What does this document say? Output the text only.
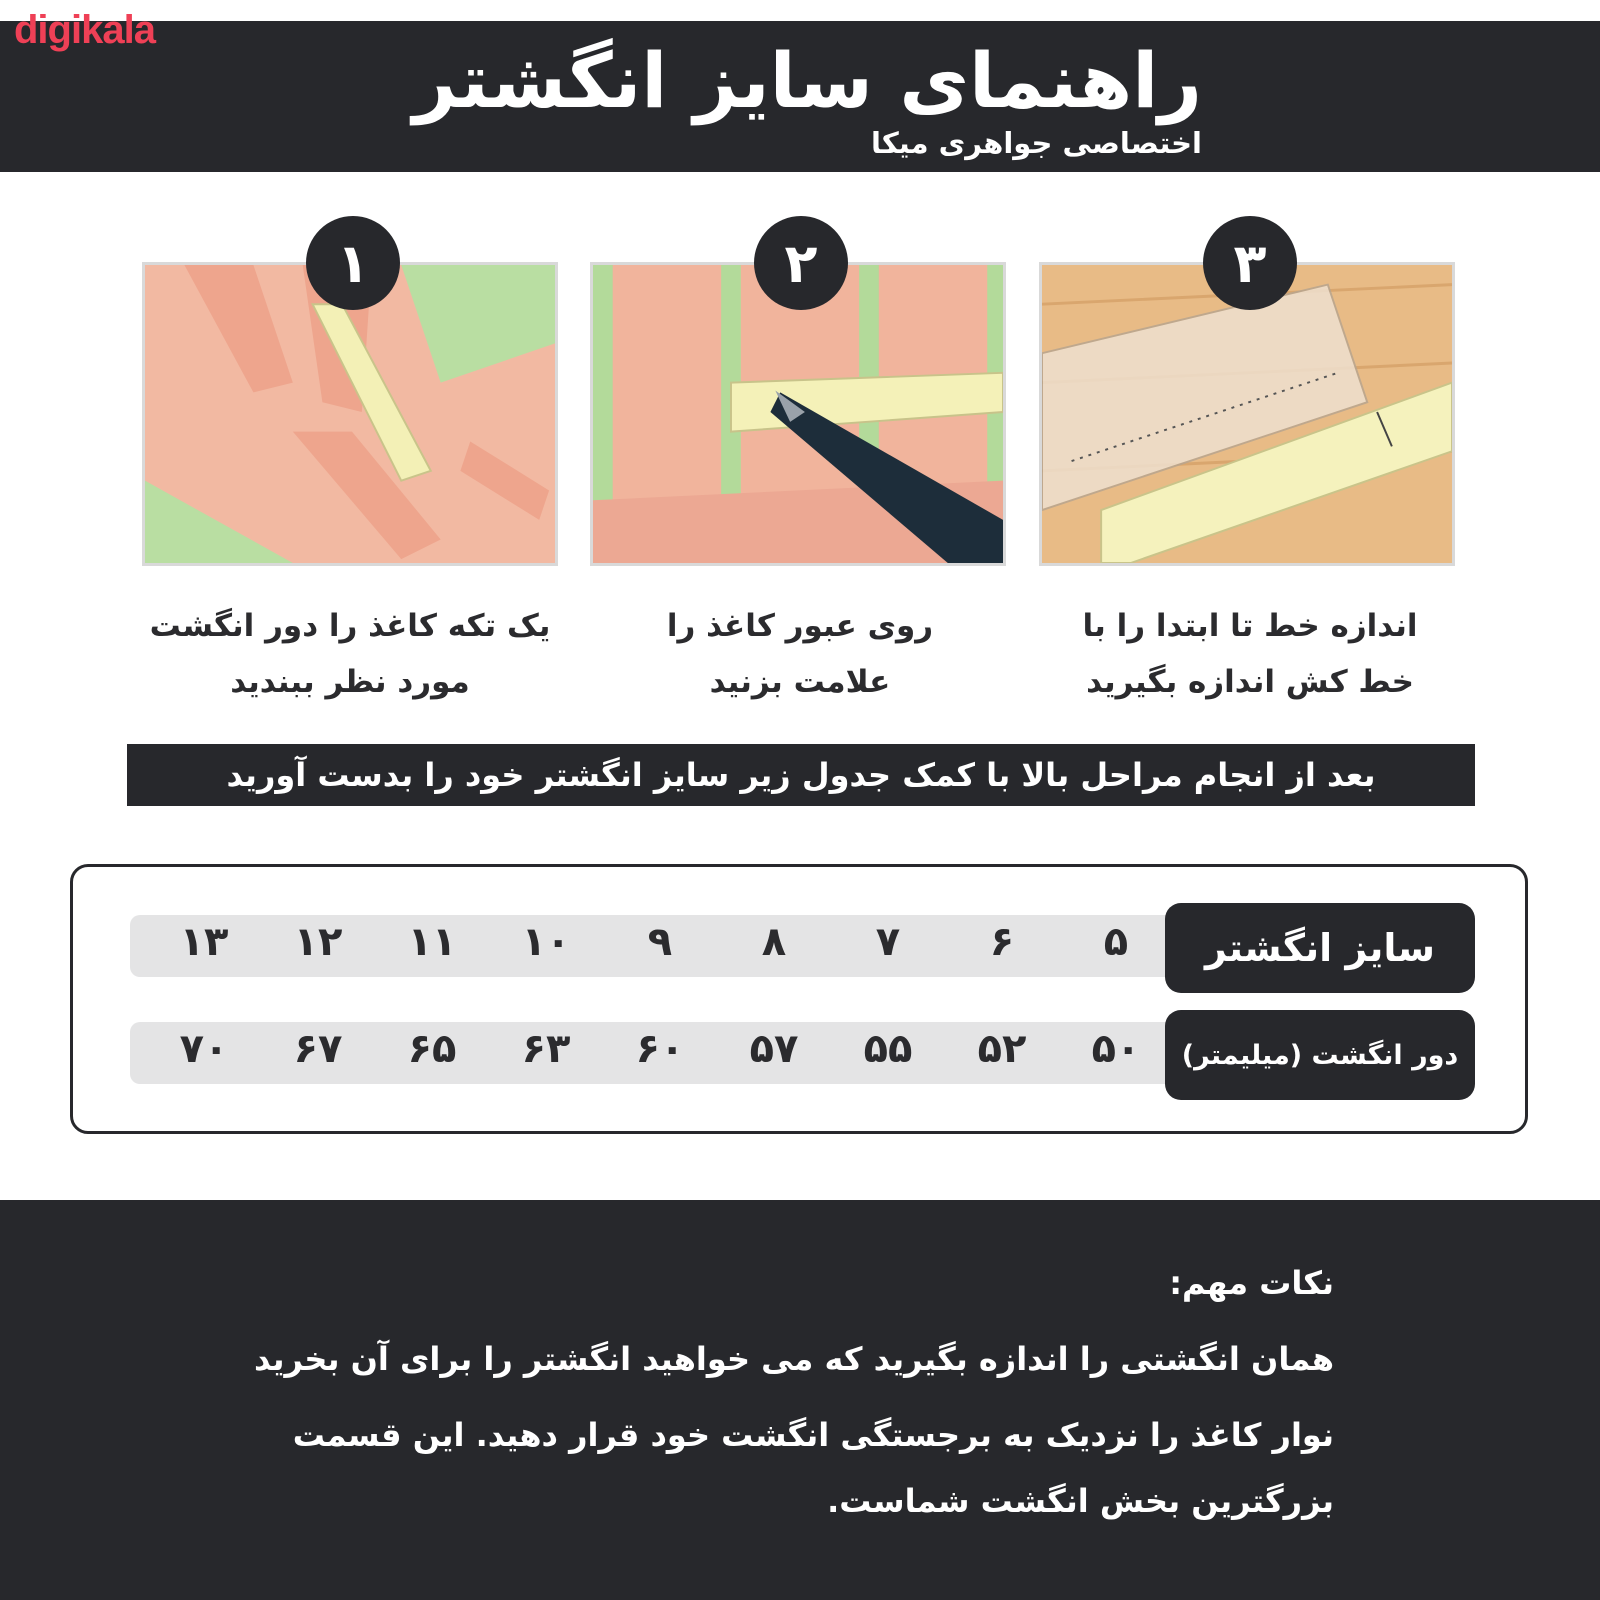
digikala
راهنمای سایز انگشتر
اختصاصی جواهری میکا
۱	۲	۳
یک تکه کاغذ را دور انگشت
مورد نظر ببندید
روی عبور کاغذ را
علامت بزنید
اندازه خط تا ابتدا را با
خط کش اندازه بگیرید
بعد از انجام مراحل بالا با کمک جدول زیر سایز انگشتر خود را بدست آورید
سایز انگشتر
۵
۶
۷
۸
۹
۱۰
۱۱
۱۲
۱۳
دور انگشت (میلیمتر)
۵۰
۵۲
۵۵
۵۷
۶۰
۶۳
۶۵
۶۷
۷۰
نکات مهم:
همان انگشتی را اندازه بگیرید که می خواهید انگشتر را برای آن بخرید
نوار کاغذ را نزدیک به برجستگی انگشت خود قرار دهید. این قسمت
بزرگترین بخش انگشت شماست.
